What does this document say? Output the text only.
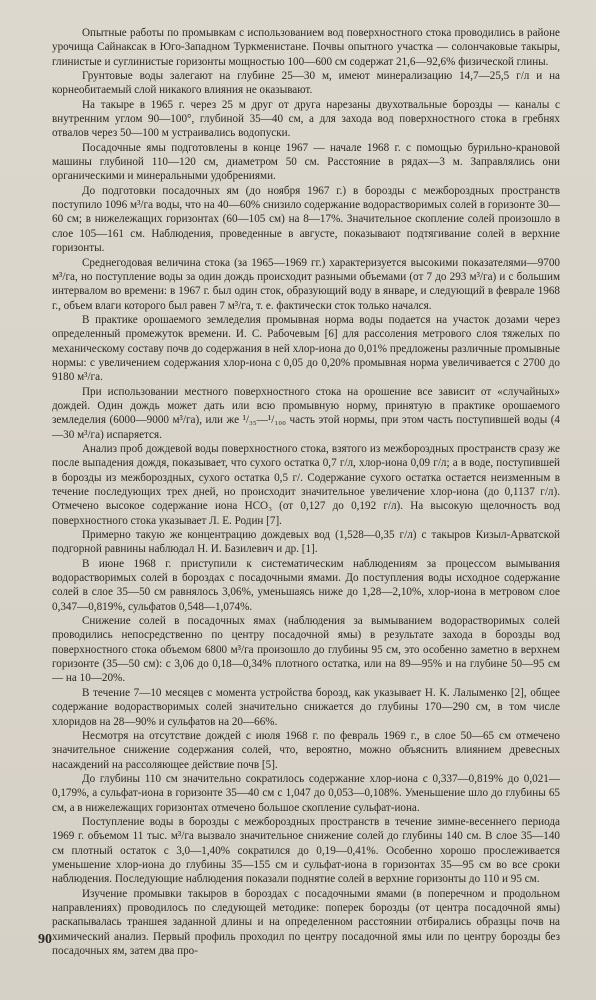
Опытные работы по промывкам с использованием вод поверхностного стока проводились в районе урочища Сайнаксак в Юго-Западном Туркменистане. Почвы опытного участка — солончаковые такыры, глинистые и суглинистые горизонты мощностью 100—600 см содержат 21,6—92,6% физической глины.

Грунтовые воды залегают на глубине 25—30 м, имеют минерализацию 14,7—25,5 г/л и на корнеобитаемый слой никакого влияния не оказывают.

На такыре в 1965 г. через 25 м друг от друга нарезаны двухотвальные борозды — каналы с внутренним углом 90—100°, глубиной 35—40 см, а для захода вод поверхностного стока в гребнях отвалов через 50—100 м устраивались водопуски.

Посадочные ямы подготовлены в конце 1967 — начале 1968 г. с помощью бурильно-крановой машины глубиной 110—120 см, диаметром 50 см. Расстояние в рядах—3 м. Заправлялись они органическими и минеральными удобрениями.

До подготовки посадочных ям (до ноября 1967 г.) в борозды с межбороздных пространств поступило 1096 м³/га воды, что на 40—60% снизило содержание водорастворимых солей в горизонте 30—60 см; в нижележащих горизонтах (60—105 см) на 8—17%. Значительное скопление солей произошло в слое 105—161 см. Наблюдения, проведенные в августе, показывают подтягивание солей в верхние горизонты.

Среднегодовая величина стока (за 1965—1969 гг.) характеризуется высокими показателями—9700 м³/га, но поступление воды за один дождь происходит разными объемами (от 7 до 293 м³/га) и с большим интервалом во времени: в 1967 г. был один сток, образующий воду в январе, и следующий в феврале 1968 г., объем влаги которого был равен 7 м³/га, т. е. фактически сток только начался.

В практике орошаемого земледелия промывная норма воды подается на участок дозами через определенный промежуток времени. И. С. Рабочевым [6] для рассоления метрового слоя тяжелых по механическому составу почв до содержания в ней хлор-иона до 0,01% предложены различные промывные нормы: с увеличением содержания хлор-иона с 0,05 до 0,20% промывная норма увеличивается с 2700 до 9180 м³/га.

При использовании местного поверхностного стока на орошение все зависит от «случайных» дождей. Один дождь может дать или всю промывную норму, принятую в практике орошаемого земледелия (6000—9000 м³/га), или же ¹/₃₅—¹/₁₀₀ часть этой нормы, при этом часть поступившей воды (4—30 м³/га) испаряется.

Анализ проб дождевой воды поверхностного стока, взятого из межбороздных пространств сразу же после выпадения дождя, показывает, что сухого остатка 0,7 г/л, хлор-иона 0,09 г/л; а в воде, поступившей в борозды из межбороздных, сухого остатка 0,5 г/. Содержание сухого остатка остается неизменным в течение последующих трех дней, но происходит значительное увеличение хлор-иона (до 0,1137 г/л). Отмечено высокое содержание иона HCO₃ (от 0,127 до 0,192 г/л). На высокую щелочность вод поверхностного стока указывает Л. Е. Родин [7].

Примерно такую же концентрацию дождевых вод (1,528—0,35 г/л) с такыров Кизыл-Арватской подгорной равнины наблюдал Н. И. Базилевич и др. [1].

В июне 1968 г. приступили к систематическим наблюдениям за процессом вымывания водорастворимых солей в бороздах с посадочными ямами. До поступления воды исходное содержание солей в слое 35—50 см равнялось 3,06%, уменьшаясь ниже до 1,28—2,10%, хлор-иона в метровом слое 0,347—0,819%, сульфатов 0,548—1,074%.

Снижение солей в посадочных ямах (наблюдения за вымыванием водорастворимых солей проводились непосредственно по центру посадочной ямы) в результате захода в борозды вод поверхностного стока объемом 6800 м³/га произошло до глубины 95 см, это особенно заметно в верхнем горизонте (35—50 см): с 3,06 до 0,18—0,34% плотного остатка, или на 89—95% и на глубине 50—95 см — на 10—20%.

В течение 7—10 месяцев с момента устройства борозд, как указывает Н. К. Лалыменко [2], общее содержание водорастворимых солей значительно снижается до глубины 170—290 см, в том числе хлоридов на 28—90% и сульфатов на 20—66%.

Несмотря на отсутствие дождей с июля 1968 г. по февраль 1969 г., в слое 50—65 см отмечено значительное снижение содержания солей, что, вероятно, можно объяснить влиянием древесных насаждений на рассоляющее действие почв [5].

До глубины 110 см значительно сократилось содержание хлор-иона с 0,337—0,819% до 0,021—0,179%, а сульфат-иона в горизонте 35—40 см с 1,047 до 0,053—0,108%. Уменьшение шло до глубины 65 см, а в нижележащих горизонтах отмечено большое скопление сульфат-иона.

Поступление воды в борозды с межбороздных пространств в течение зимне-весеннего периода 1969 г. объемом 11 тыс. м³/га вызвало значительное снижение солей до глубины 140 см. В слое 35—140 см плотный остаток с 3,0—1,40% сократился до 0,19—0,41%. Особенно хорошо прослеживается уменьшение хлор-иона до глубины 35—155 см и сульфат-иона в горизонтах 35—95 см во все сроки наблюдения. Последующие наблюдения показали поднятие солей в верхние горизонты до 110 и 95 см.

Изучение промывки такыров в бороздах с посадочными ямами (в поперечном и продольном направлениях) проводилось по следующей методике: поперек борозды (от центра посадочной ямы) раскапывалась траншея заданной длины и на определенном расстоянии отбирались образцы почв на химический анализ. Первый профиль проходил по центру посадочной ямы или по центру борозды без посадочных ям, затем два про-

90
